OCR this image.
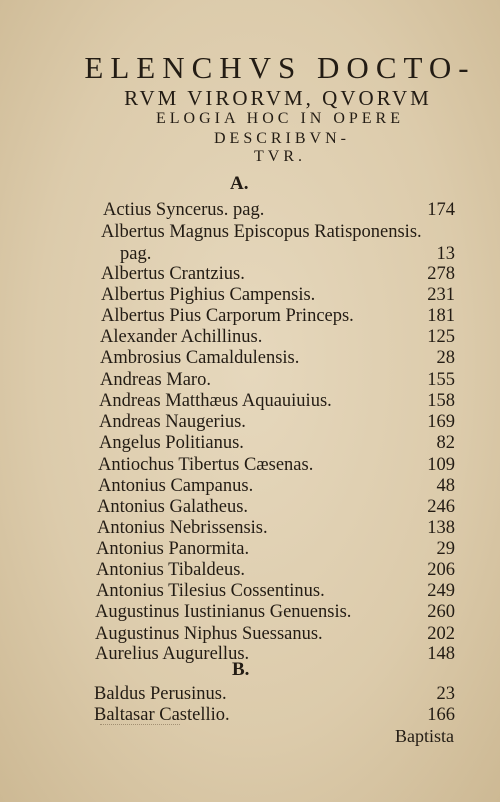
ELENCHVS DOCTO-
RVM VIRORVM, QVORVM
ELOGIA HOC IN OPERE
DESCRIBVN-
TVR.
A.
Actius Syncerus. pag.	174
Albertus Magnus Episcopus Ratisponensis.
pag.	13
Albertus Crantzius.	278
Albertus Pighius Campensis.	231
Albertus Pius Carporum Princeps.	181
Alexander Achillinus.	125
Ambrosius Camaldulensis.	28
Andreas Maro.	155
Andreas Matthæus Aquauiuius.	158
Andreas Naugerius.	169
Angelus Politianus.	82
Antiochus Tibertus Cæsenas.	109
Antonius Campanus.	48
Antonius Galatheus.	246
Antonius Nebrissensis.	138
Antonius Panormita.	29
Antonius Tibaldeus.	206
Antonius Tilesius Cossentinus.	249
Augustinus Iustinianus Genuensis.	260
Augustinus Niphus Suessanus.	202
Aurelius Augurellus.	148
B.
Baldus Perusinus.	23
Baltasar Castellio.	166
Baptista
